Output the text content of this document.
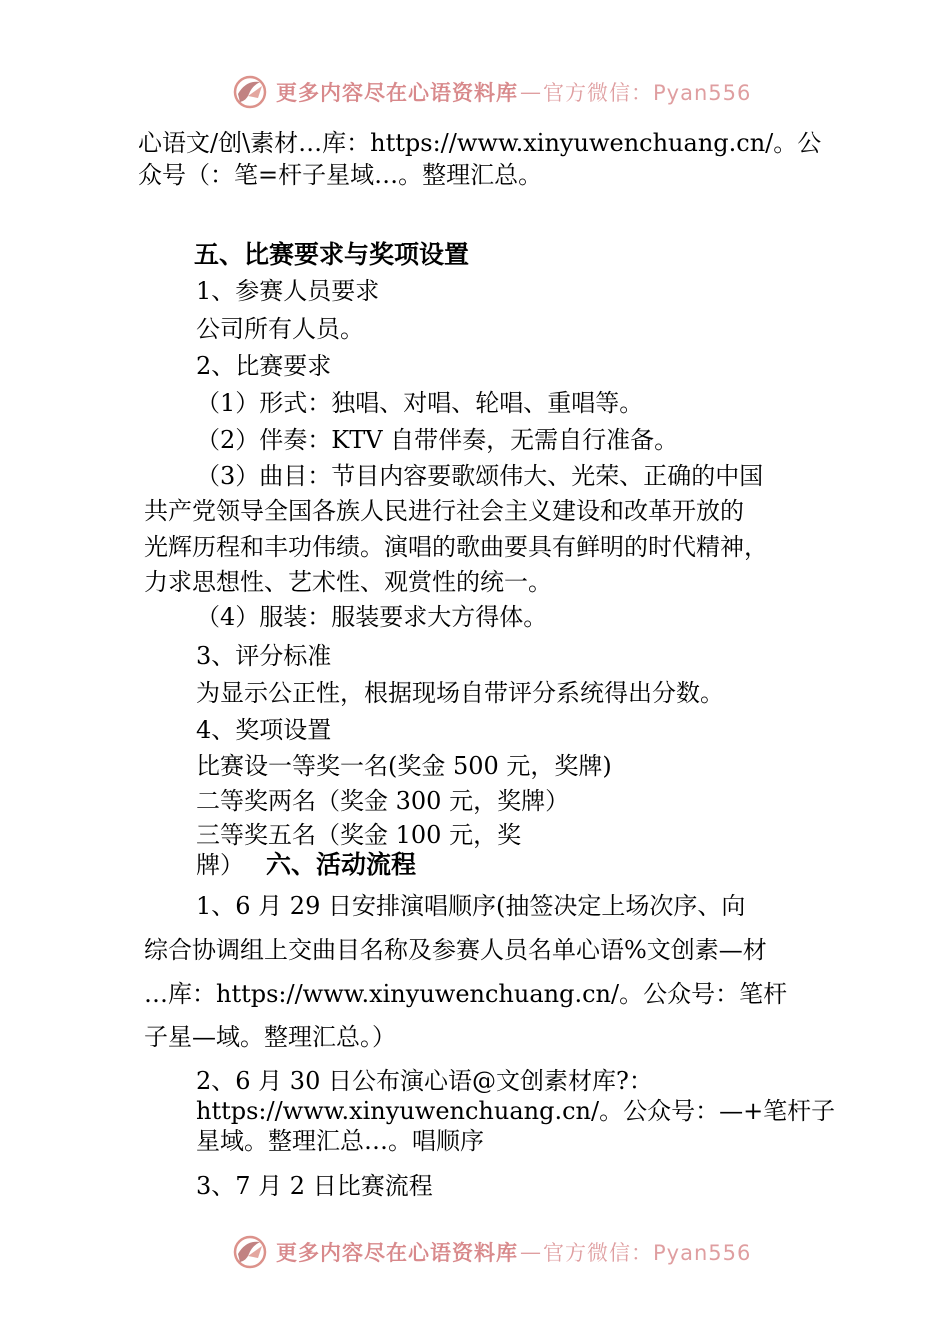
更多内容尽在心语资料库 — 官方微信：Pyan556
心语文/创\素材…库：https://www.xinyuwenchuang.cn/。公
众号（：笔=杆子星域…。整理汇总。
五、比赛要求与奖项设置
1、参赛人员要求
公司所有人员。
2、比赛要求
（1）形式：独唱、对唱、轮唱、重唱等。
（2）伴奏：KTV 自带伴奏，无需自行准备。
（3）曲目：节目内容要歌颂伟大、光荣、正确的中国
共产党领导全国各族人民进行社会主义建设和改革开放的
光辉历程和丰功伟绩。演唱的歌曲要具有鲜明的时代精神，
力求思想性、艺术性、观赏性的统一。
（4）服装：服装要求大方得体。
3、评分标准
为显示公正性，根据现场自带评分系统得出分数。
4、奖项设置
比赛设一等奖一名(奖金 500 元，奖牌)
二等奖两名（奖金 300 元，奖牌）
三等奖五名（奖金 100 元，奖
牌） 六、活动流程
1、6 月 29 日安排演唱顺序(抽签决定上场次序、向
综合协调组上交曲目名称及参赛人员名单心语%文创素—材
…库：https://www.xinyuwenchuang.cn/。公众号：笔杆
子星—域。整理汇总。）
2、6 月 30 日公布演心语@文创素材库?：
https://www.xinyuwenchuang.cn/。公众号：—+笔杆子
星域。整理汇总…。唱顺序
3、7 月 2 日比赛流程
更多内容尽在心语资料库 — 官方微信：Pyan556
